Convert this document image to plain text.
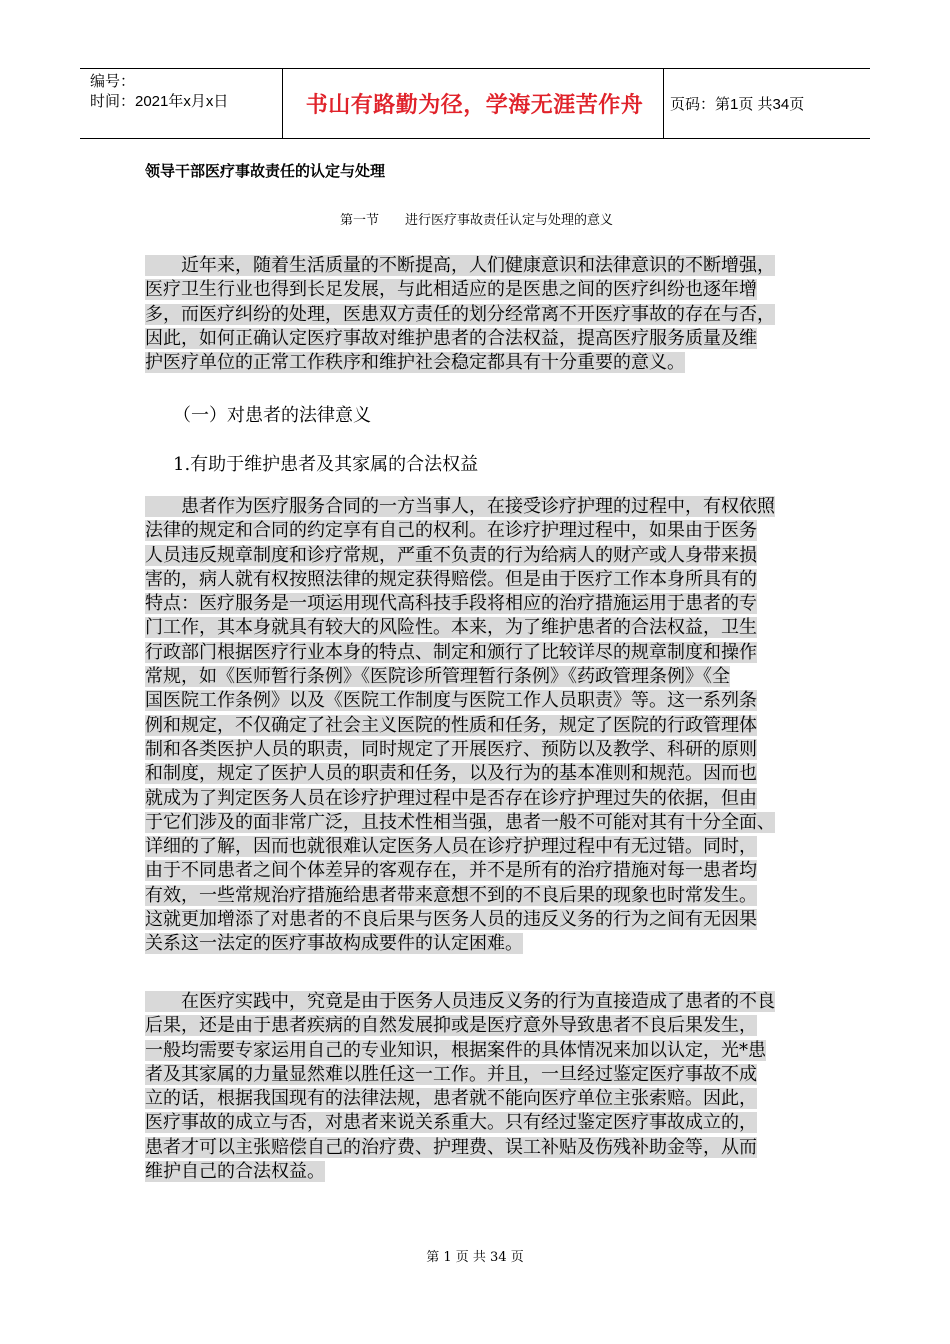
编号：
时间：2021年x月x日	书山有路勤为径，学海无涯苦作舟	页码：第1页 共34页
领导干部医疗事故责任的认定与处理
第一节 进行医疗事故责任认定与处理的意义
　　近年来，随着生活质量的不断提高，人们健康意识和法律意识的不断增强，
医疗卫生行业也得到长足发展，与此相适应的是医患之间的医疗纠纷也逐年增
多，而医疗纠纷的处理，医患双方责任的划分经常离不开医疗事故的存在与否，
因此，如何正确认定医疗事故对维护患者的合法权益，提高医疗服务质量及维
护医疗单位的正常工作秩序和维护社会稳定都具有十分重要的意义。
（一）对患者的法律意义
1.有助于维护患者及其家属的合法权益
　　患者作为医疗服务合同的一方当事人，在接受诊疗护理的过程中，有权依照
法律的规定和合同的约定享有自己的权利。在诊疗护理过程中，如果由于医务
人员违反规章制度和诊疗常规，严重不负责的行为给病人的财产或人身带来损
害的，病人就有权按照法律的规定获得赔偿。但是由于医疗工作本身所具有的
特点：医疗服务是一项运用现代高科技手段将相应的治疗措施运用于患者的专
门工作，其本身就具有较大的风险性。本来，为了维护患者的合法权益，卫生
行政部门根据医疗行业本身的特点、制定和颁行了比较详尽的规章制度和操作
常规，如《医师暂行条例》《医院诊所管理暂行条例》《药政管理条例》《全
国医院工作条例》以及《医院工作制度与医院工作人员职责》等。这一系列条
例和规定，不仅确定了社会主义医院的性质和任务，规定了医院的行政管理体
制和各类医护人员的职责，同时规定了开展医疗、预防以及教学、科研的原则
和制度，规定了医护人员的职责和任务，以及行为的基本准则和规范。因而也
就成为了判定医务人员在诊疗护理过程中是否存在诊疗护理过失的依据，但由
于它们涉及的面非常广泛，且技术性相当强，患者一般不可能对其有十分全面、
详细的了解，因而也就很难认定医务人员在诊疗护理过程中有无过错。同时，
由于不同患者之间个体差异的客观存在，并不是所有的治疗措施对每一患者均
有效，一些常规治疗措施给患者带来意想不到的不良后果的现象也时常发生。
这就更加增添了对患者的不良后果与医务人员的违反义务的行为之间有无因果
关系这一法定的医疗事故构成要件的认定困难。
　　在医疗实践中，究竟是由于医务人员违反义务的行为直接造成了患者的不良
后果，还是由于患者疾病的自然发展抑或是医疗意外导致患者不良后果发生，
一般均需要专家运用自己的专业知识，根据案件的具体情况来加以认定，光*患
者及其家属的力量显然难以胜任这一工作。并且，一旦经过鉴定医疗事故不成
立的话，根据我国现有的法律法规，患者就不能向医疗单位主张索赔。因此，
医疗事故的成立与否，对患者来说关系重大。只有经过鉴定医疗事故成立的，
患者才可以主张赔偿自己的治疗费、护理费、误工补贴及伤残补助金等，从而
维护自己的合法权益。
第 1 页 共 34 页
